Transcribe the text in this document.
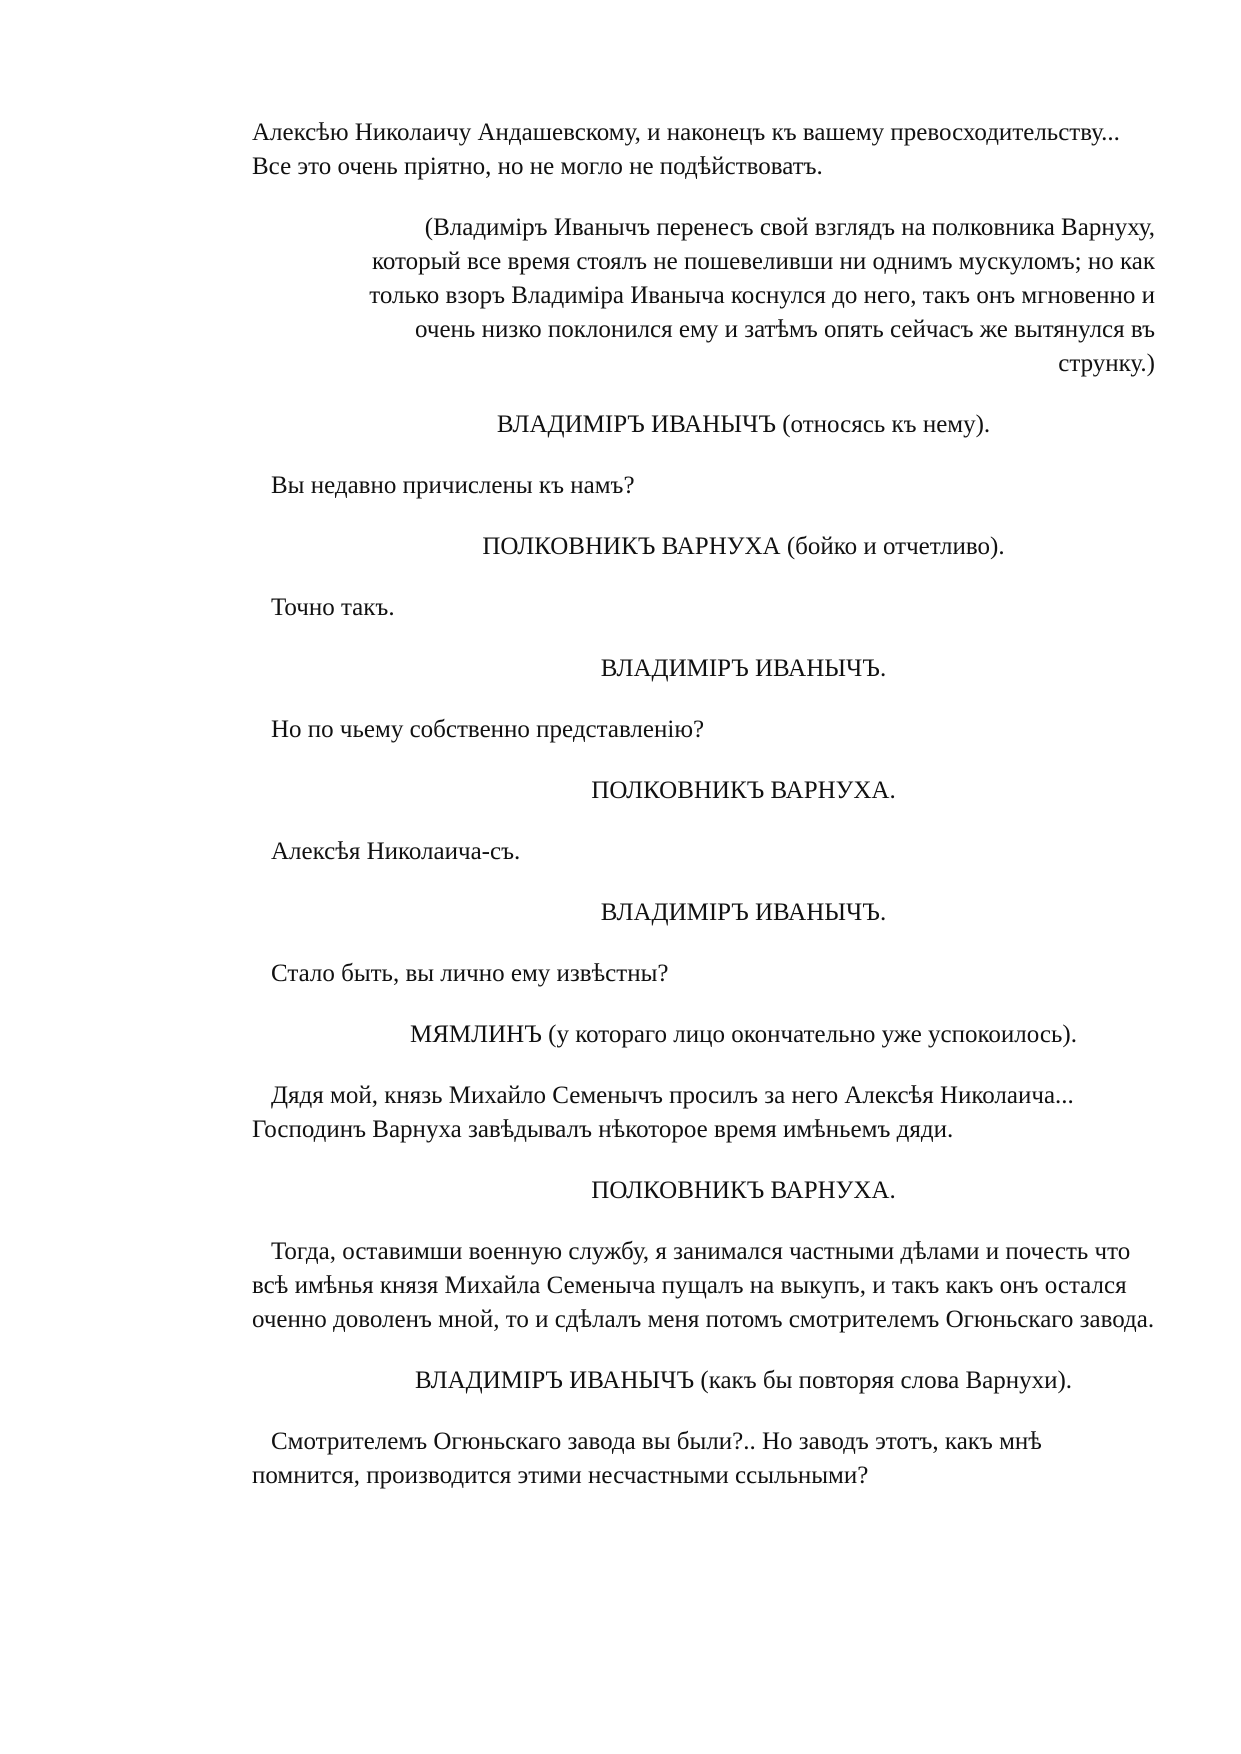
Алексѣю Николаичу Андашевскому, и наконецъ къ вашему превосходительству... Все это очень пріятно, но не могло не подѣйствоватъ.

(Владиміръ Иванычъ перенесъ свой взглядъ на полковника Варнуху, который все время стоялъ не пошевеливши ни однимъ мускуломъ; но как только взоръ Владиміра Иваныча коснулся до него, такъ онъ мгновенно и очень низко поклонился ему и затѣмъ опять сейчасъ же вытянулся въ струнку.)

ВЛАДИМІРЪ ИВАНЫЧЪ (относясь къ нему).

Вы недавно причислены къ намъ?

ПОЛКОВНИКЪ ВАРНУХА (бойко и отчетливо).

Точно такъ.

ВЛАДИМІРЪ ИВАНЫЧЪ.

Но по чьему собственно представленію?

ПОЛКОВНИКЪ ВАРНУХА.

Алексѣя Николаича-съ.

ВЛАДИМІРЪ ИВАНЫЧЪ.

Стало быть, вы лично ему извѣстны?

МЯМЛИНЪ (у котораго лицо окончательно уже успокоилось).

Дядя мой, князь Михайло Семенычъ просилъ за него Алексѣя Николаича... Господинъ Варнуха завѣдывалъ нѣкоторое время имѣньемъ дяди.

ПОЛКОВНИКЪ ВАРНУХА.

Тогда, оставимши военную службу, я занимался частными дѣлами и почесть что всѣ имѣнья князя Михайла Семеныча пущалъ на выкупъ, и такъ какъ онъ остался оченно доволенъ мной, то и сдѣлалъ меня потомъ смотрителемъ Огюньскаго завода.

ВЛАДИМІРЪ ИВАНЫЧЪ (какъ бы повторяя слова Варнухи).

Смотрителемъ Огюньскаго завода вы были?.. Но заводъ этотъ, какъ мнѣ помнится, производится этими несчастными ссыльными?
